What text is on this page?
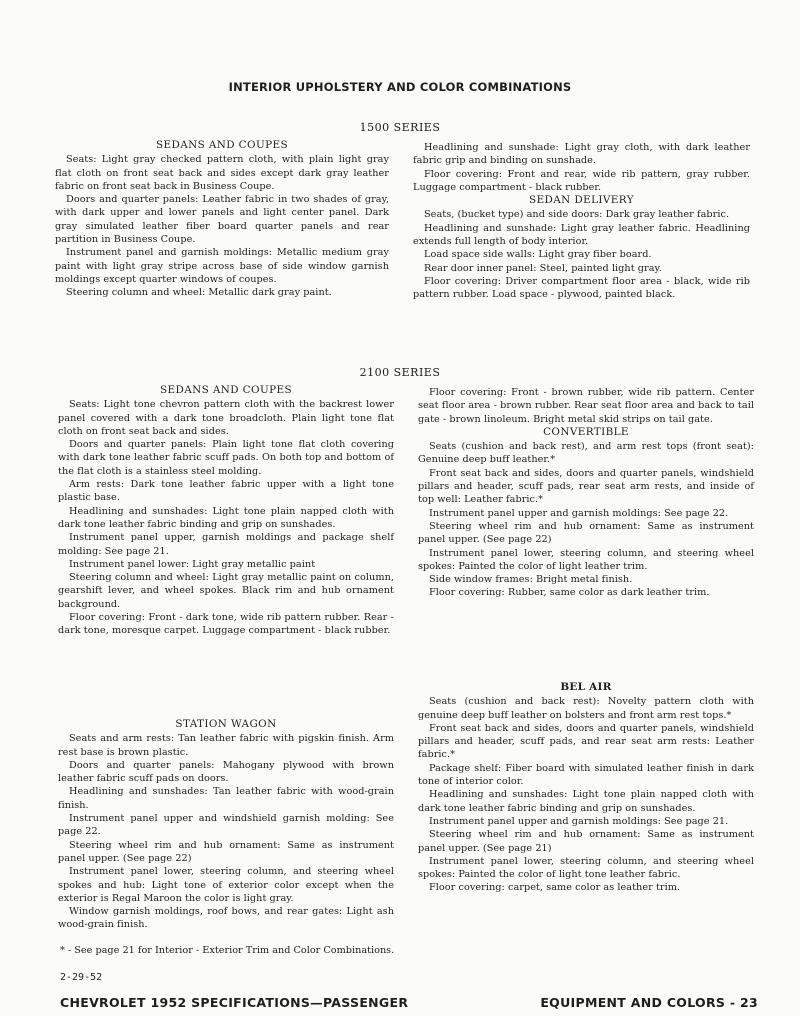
INTERIOR UPHOLSTERY AND COLOR COMBINATIONS
1500 SERIES
SEDANS AND COUPES

Seats: Light gray checked pattern cloth, with plain light gray flat cloth on front seat back and sides except dark gray leather fabric on front seat back in Business Coupe.

Doors and quarter panels: Leather fabric in two shades of gray, with dark upper and lower panels and light center panel. Dark gray simulated leather fiber board quarter panels and rear partition in Business Coupe.

Instrument panel and garnish moldings: Metallic medium gray paint with light gray stripe across base of side window garnish moldings except quarter windows of coupes.

Steering column and wheel: Metallic dark gray paint.

Headlining and sunshade: Light gray cloth, with dark leather fabric grip and binding on sunshade.

Floor covering: Front and rear, wide rib pattern, gray rubber. Luggage compartment - black rubber.

SEDAN DELIVERY

Seats, (bucket type) and side doors: Dark gray leather fabric.

Headlining and sunshade: Light gray leather fabric. Headlining extends full length of body interior.

Load space side walls: Light gray fiber board.

Rear door inner panel: Steel, painted light gray.

Floor covering: Driver compartment floor area - black, wide rib pattern rubber. Load space - plywood, painted black.

2100 SERIES
SEDANS AND COUPES

Seats: Light tone chevron pattern cloth with the backrest lower panel covered with a dark tone broadcloth. Plain light tone flat cloth on front seat back and sides.

Doors and quarter panels: Plain light tone flat cloth covering with dark tone leather fabric scuff pads. On both top and bottom of the flat cloth is a stainless steel molding.

Arm rests: Dark tone leather fabric upper with a light tone plastic base.

Headlining and sunshades: Light tone plain napped cloth with dark tone leather fabric binding and grip on sunshades.

Instrument panel upper, garnish moldings and package shelf molding: See page 21.

Instrument panel lower: Light gray metallic paint

Steering column and wheel: Light gray metallic paint on column, gearshift lever, and wheel spokes. Black rim and hub ornament background.

Floor covering: Front - dark tone, wide rib pattern rubber. Rear - dark tone, moresque carpet. Luggage compartment - black rubber.

STATION WAGON

Seats and arm rests: Tan leather fabric with pigskin finish. Arm rest base is brown plastic.

Doors and quarter panels: Mahogany plywood with brown leather fabric scuff pads on doors.

Headlining and sunshades: Tan leather fabric with wood-grain finish.

Instrument panel upper and windshield garnish molding: See page 22.

Steering wheel rim and hub ornament: Same as instrument panel upper. (See page 22)

Instrument panel lower, steering column, and steering wheel spokes and hub: Light tone of exterior color except when the exterior is Regal Maroon the color is light gray.

Window garnish moldings, roof bows, and rear gates: Light ash wood-grain finish.

Floor covering: Front - brown rubber, wide rib pattern. Center seat floor area - brown rubber. Rear seat floor area and back to tail gate - brown linoleum. Bright metal skid strips on tail gate.

CONVERTIBLE

Seats (cushion and back rest), and arm rest tops (front seat): Genuine deep buff leather.*

Front seat back and sides, doors and quarter panels, windshield pillars and header, scuff pads, rear seat arm rests, and inside of top well: Leather fabric.*

Instrument panel upper and garnish moldings: See page 22.

Steering wheel rim and hub ornament: Same as instrument panel upper. (See page 22)

Instrument panel lower, steering column, and steering wheel spokes: Painted the color of light leather trim.

Side window frames: Bright metal finish.

Floor covering: Rubber, same color as dark leather trim.

BEL AIR

Seats (cushion and back rest): Novelty pattern cloth with genuine deep buff leather on bolsters and front arm rest tops.*

Front seat back and sides, doors and quarter panels, windshield pillars and header, scuff pads, and rear seat arm rests: Leather fabric.*

Package shelf: Fiber board with simulated leather finish in dark tone of interior color.

Headlining and sunshades: Light tone plain napped cloth with dark tone leather fabric binding and grip on sunshades.

Instrument panel upper and garnish moldings: See page 21.

Steering wheel rim and hub ornament: Same as instrument panel upper. (See page 21)

Instrument panel lower, steering column, and steering wheel spokes: Painted the color of light tone leather fabric.

Floor covering: carpet, same color as leather trim.

* - See page 21 for Interior - Exterior Trim and Color Combinations.
2-29-52
CHEVROLET 1952 SPECIFICATIONS—PASSENGER	EQUIPMENT AND COLORS - 23
